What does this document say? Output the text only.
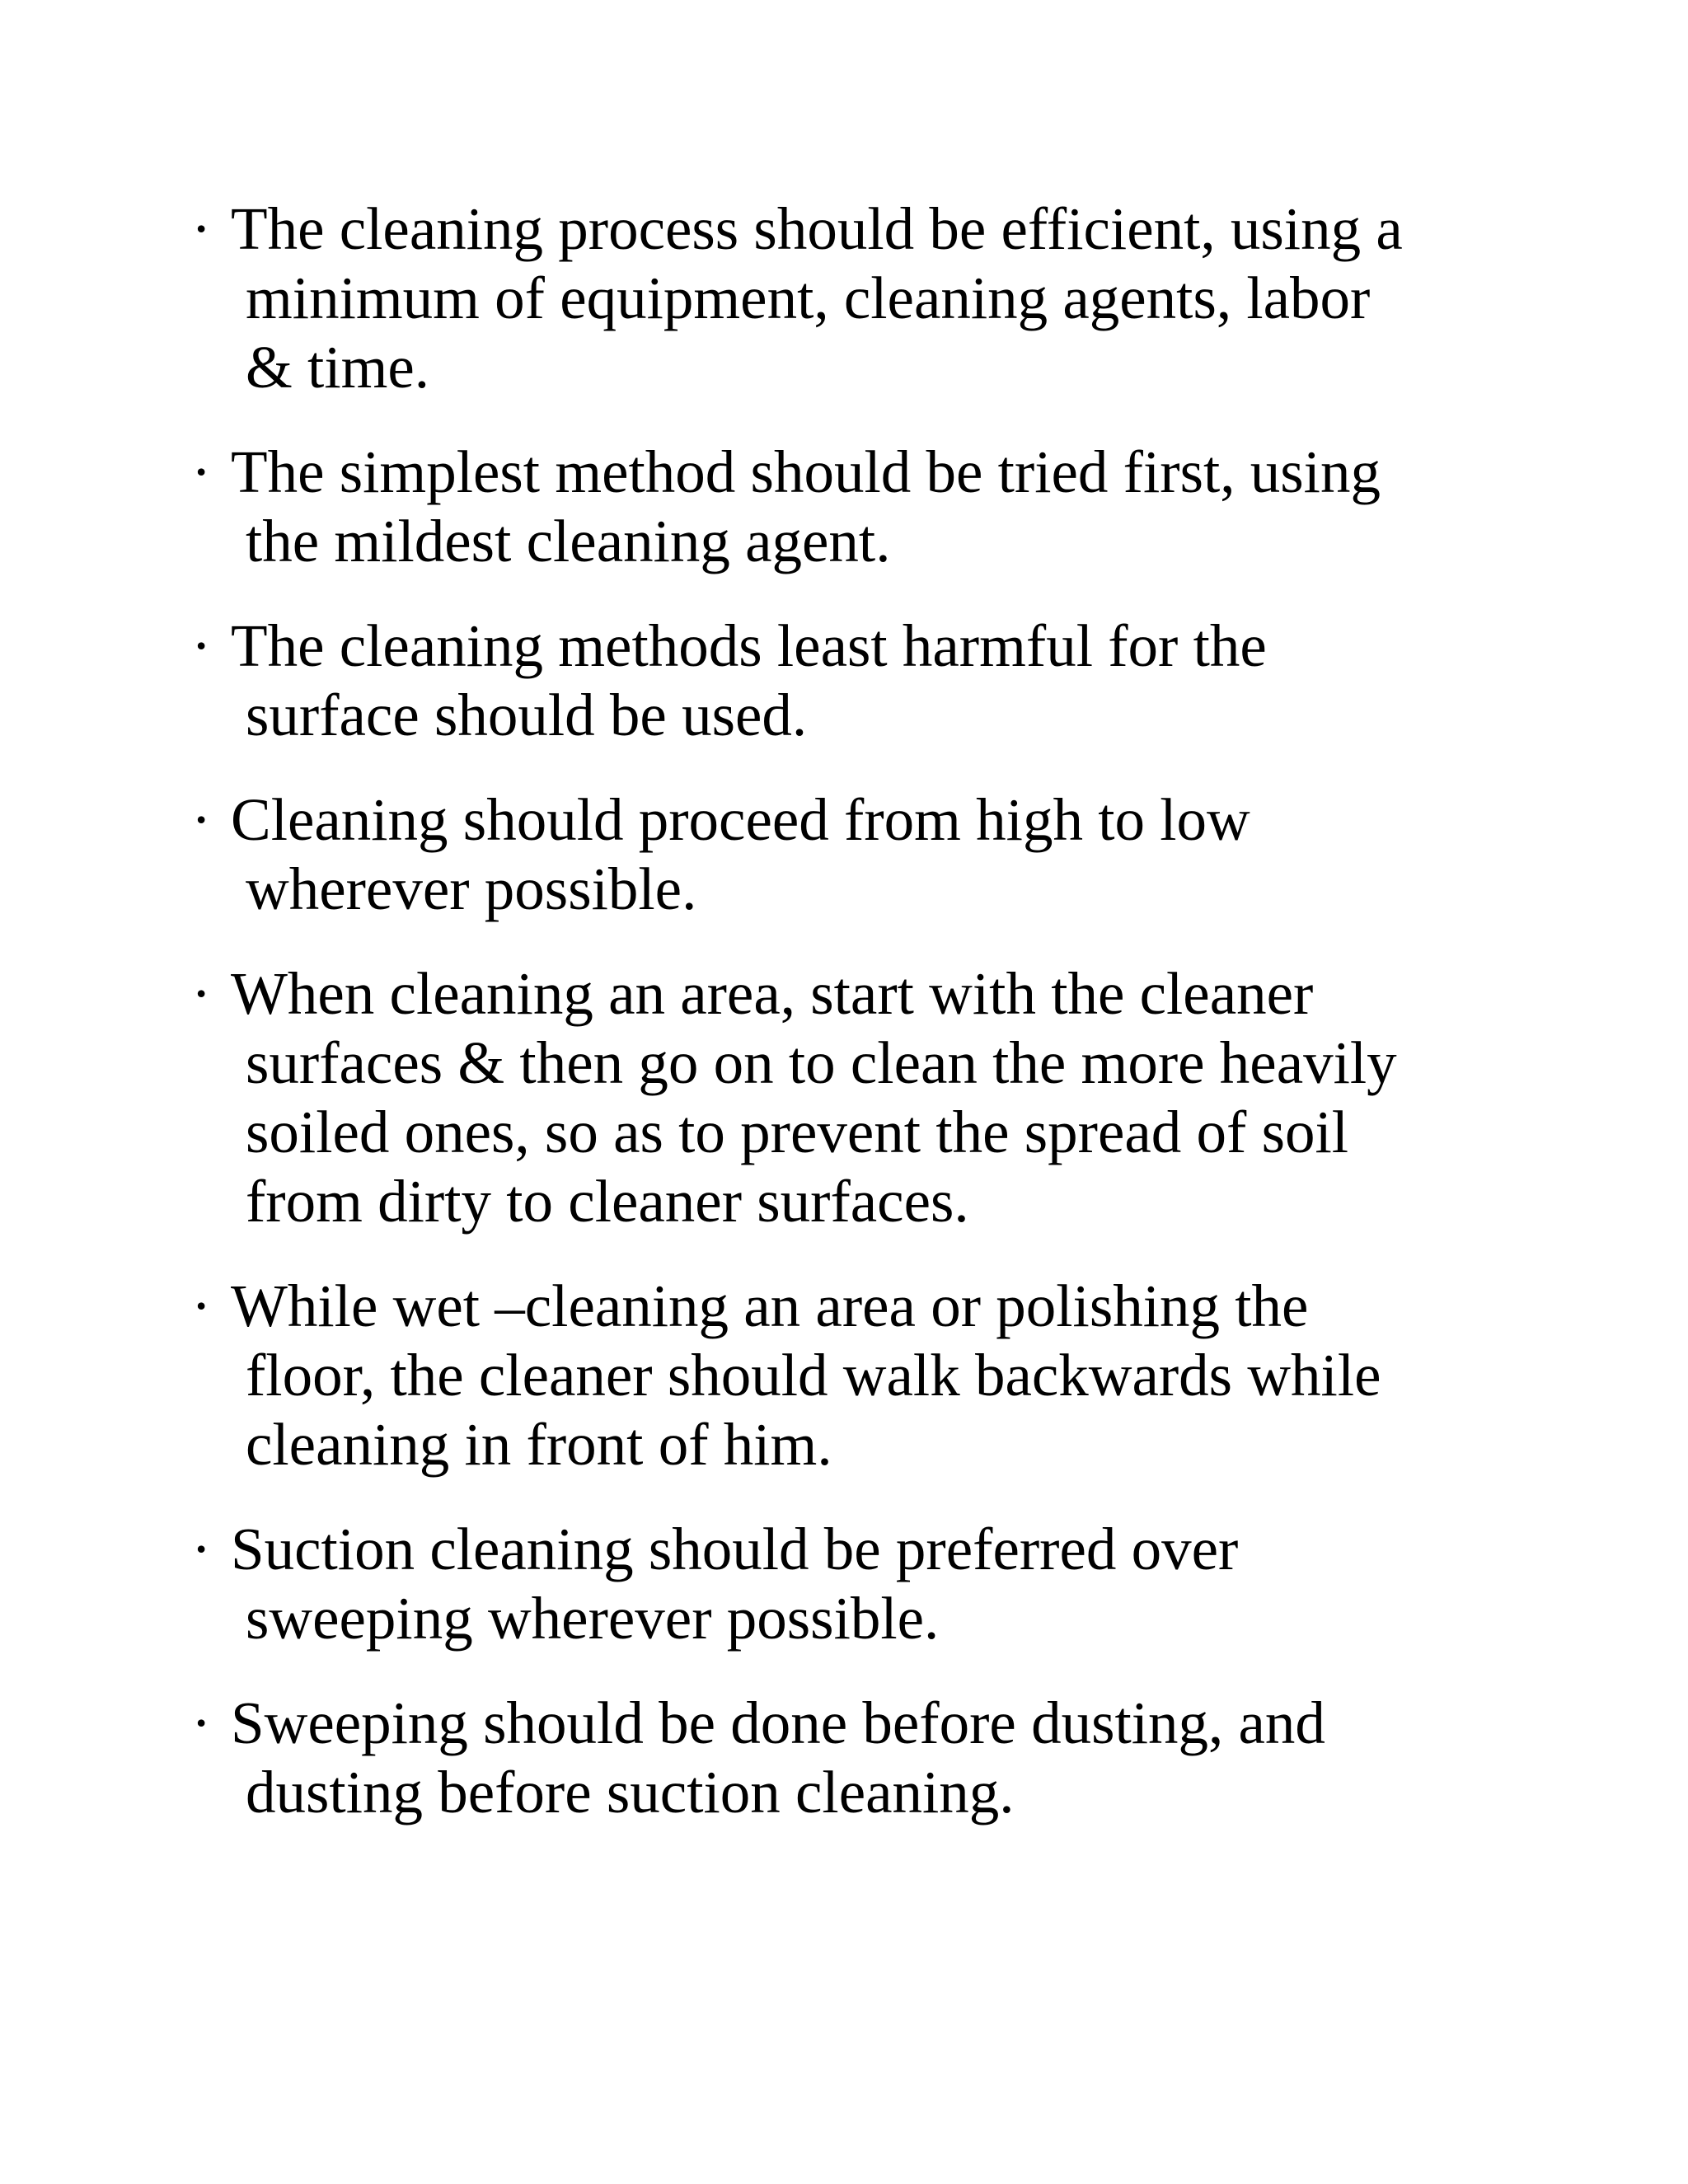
· The cleaning process should be efficient, using a
minimum of equipment, cleaning agents, labor
& time.
· The simplest method should be tried first, using
the mildest cleaning agent.
· The cleaning methods least harmful for the
surface should be used.
· Cleaning should proceed from high to low
wherever possible.
· When cleaning an area, start with the cleaner
surfaces & then go on to clean the more heavily
soiled ones, so as to prevent the spread of soil
from dirty to cleaner surfaces.
· While wet –cleaning an area or polishing the
floor, the cleaner should walk backwards while
cleaning in front of him.
· Suction cleaning should be preferred over
sweeping wherever possible.
· Sweeping should be done before dusting, and
dusting before suction cleaning.
